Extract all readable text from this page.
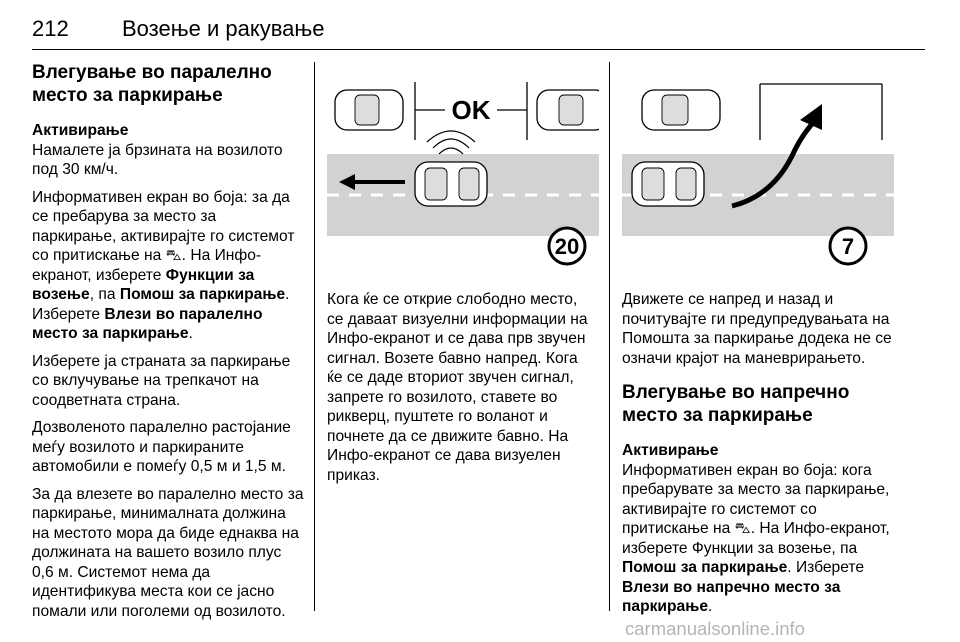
212	Возење и ракување
Влегување во паралелно место за паркирање
Активирање

Намалете ја брзината на возилото под 30 км/ч.

Информативен екран во боја: за да се пребарува за место за паркирање, активирајте го системот со притискање на ⛍. На Инфо-екранот, изберете Функции за возење, па Помош за паркирање. Изберете Влези во паралелно место за паркирање.

Изберете ја страната за паркирање со вклучување на трепкачот на соодветната страна.

Дозволеното паралелно растојание меѓу возилото и паркираните автомобили е помеѓу 0,5 м и 1,5 м.

За да влезете во паралелно место за паркирање, минималната должина на местото мора да биде еднаква на должината на вашето возило плус 0,6 м. Системот нема да идентификува места кои се јасно помали или поголеми од возилото.

OK
20	7

Кога ќе се открие слободно место, се даваат визуелни информации на Инфо-екранот и се дава прв звучен сигнал. Возете бавно напред. Кога ќе се даде вториот звучен сигнал, запрете го возилото, ставете во рикверц, пуштете го воланот и почнете да се движите бавно. На Инфо-екранот се дава визуелен приказ.

Движете се напред и назад и почитувајте ги предупредувањата на Помошта за паркирање додека не се означи крајот на маневрирањето.

Влегување во напречно место за паркирање
Активирање

Информативен екран во боја: кога пребарувате за место за паркирање, активирајте го системот со притискање на ⛍. На Инфо-екранот, изберете Функции за возење, па Помош за паркирање. Изберете Влези во напречно место за паркирање.

carmanualsonline.info
